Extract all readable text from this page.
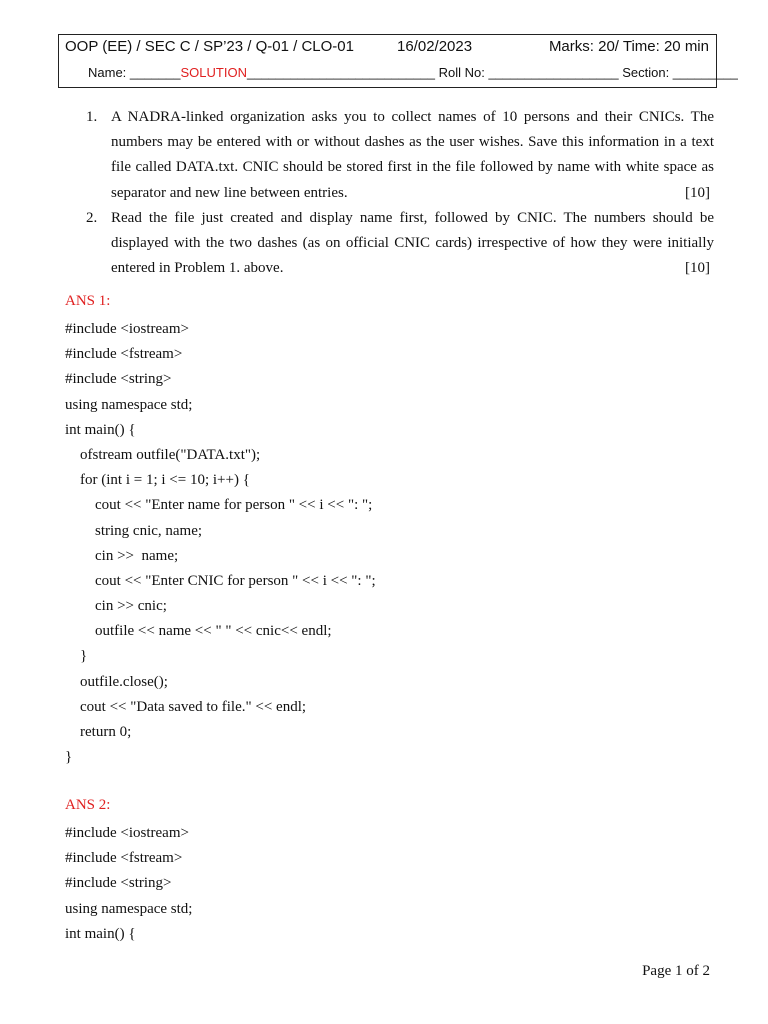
OOP (EE) / SEC C / SP’23 / Q-01 / CLO-01	16/02/2023	Marks: 20/ Time: 20 min
Name: _______SOLUTION__________________________ Roll No: __________________ Section: _________
1. A NADRA-linked organization asks you to collect names of 10 persons and their CNICs. The numbers may be entered with or without dashes as the user wishes. Save this information in a text file called DATA.txt. CNIC should be stored first in the file followed by name with white space as separator and new line between entries.	[10]
2. Read the file just created and display name first, followed by CNIC. The numbers should be displayed with the two dashes (as on official CNIC cards) irrespective of how they were initially entered in Problem 1. above.	[10]
ANS 1:
#include <iostream>
#include <fstream>
#include <string>
using namespace std;
int main() {
ofstream outfile("DATA.txt");
for (int i = 1; i <= 10; i++) {
cout << "Enter name for person " << i << ": ";
string cnic, name;
cin >>  name;
cout << "Enter CNIC for person " << i << ": ";
cin >> cnic;
outfile << name << " " << cnic<< endl;
}
outfile.close();
cout << "Data saved to file." << endl;
return 0;
}
ANS 2:
#include <iostream>
#include <fstream>
#include <string>
using namespace std;
int main() {
Page 1 of 2
